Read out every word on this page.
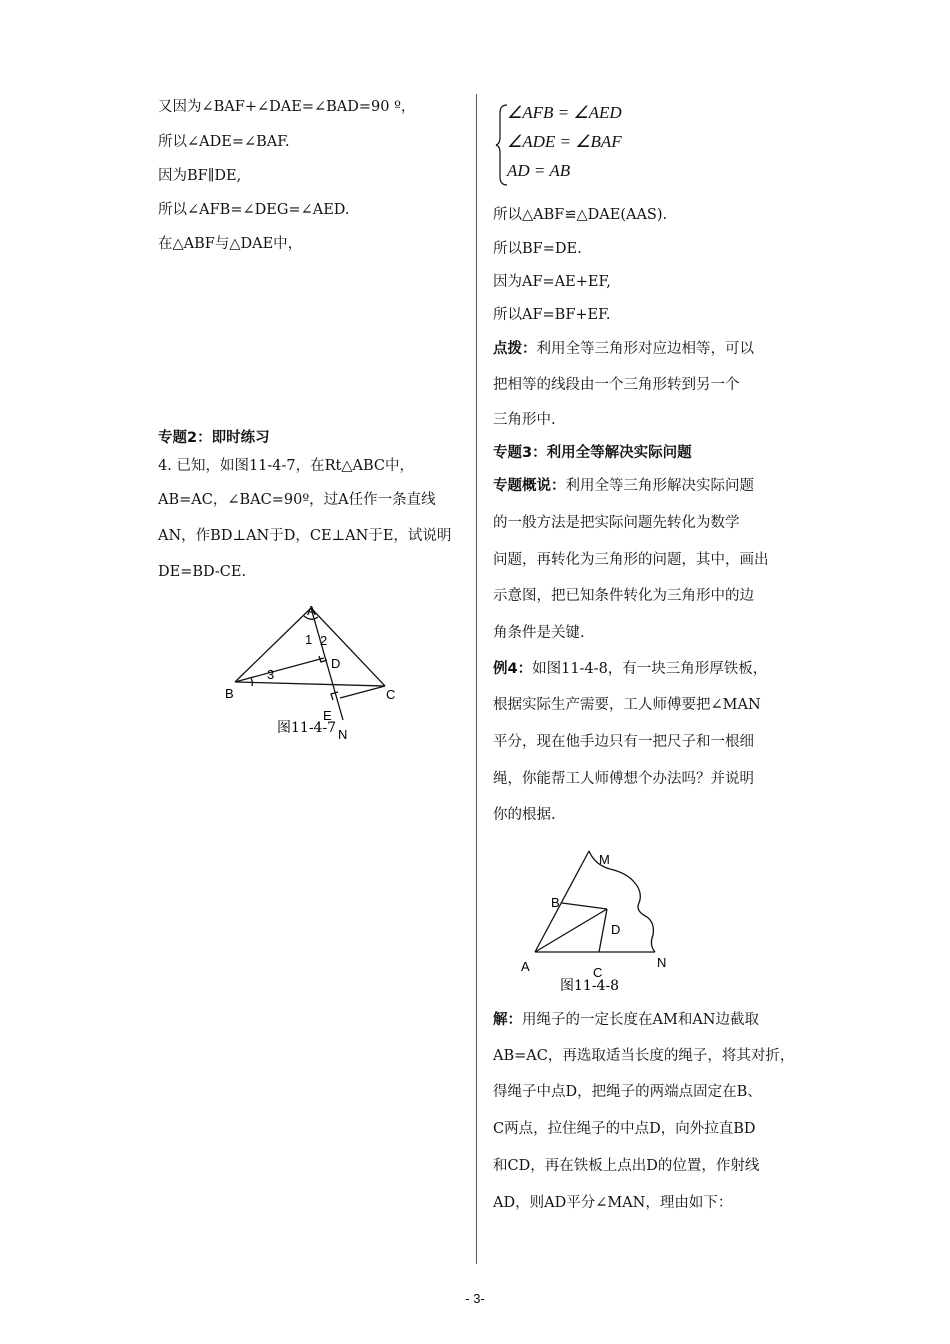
又因为∠BAF+∠DAE=∠BAD=90 º，
所以∠ADE=∠BAF.
因为BF∥DE,
所以∠AFB=∠DEG=∠AED.
在△ABF与△DAE中，
专题2：即时练习
4. 已知，如图11-4-7，在Rt△ABC中，
AB=AC，∠BAC=90º，过A任作一条直线
AN，作BD⊥AN于D，CE⊥AN于E，试说明
DE=BD-CE.
A
B	C
D
E
N
1 2
3
图11-4-7
∠AFB = ∠AED
∠ADE = ∠BAF
AD = AB
所以△ABF≌△DAE(AAS).
所以BF=DE.
因为AF=AE+EF,
所以AF=BF+EF.
点拨：利用全等三角形对应边相等，可以
把相等的线段由一个三角形转到另一个
三角形中.
专题3：利用全等解决实际问题
专题概说：利用全等三角形解决实际问题
的一般方法是把实际问题先转化为数学
问题，再转化为三角形的问题，其中，画出
示意图，把已知条件转化为三角形中的边
角条件是关键.
例4：如图11-4-8，有一块三角形厚铁板，
根据实际生产需要，工人师傅要把∠MAN
平分，现在他手边只有一把尺子和一根细
绳，你能帮工人师傅想个办法吗？并说明
你的根据.
M
B
D
A	C
N
图11-4-8
解：用绳子的一定长度在AM和AN边截取
AB=AC，再选取适当长度的绳子，将其对折，
得绳子中点D，把绳子的两端点固定在B、
C两点，拉住绳子的中点D，向外拉直BD
和CD，再在铁板上点出D的位置，作射线
AD，则AD平分∠MAN，理由如下：
- 3-
